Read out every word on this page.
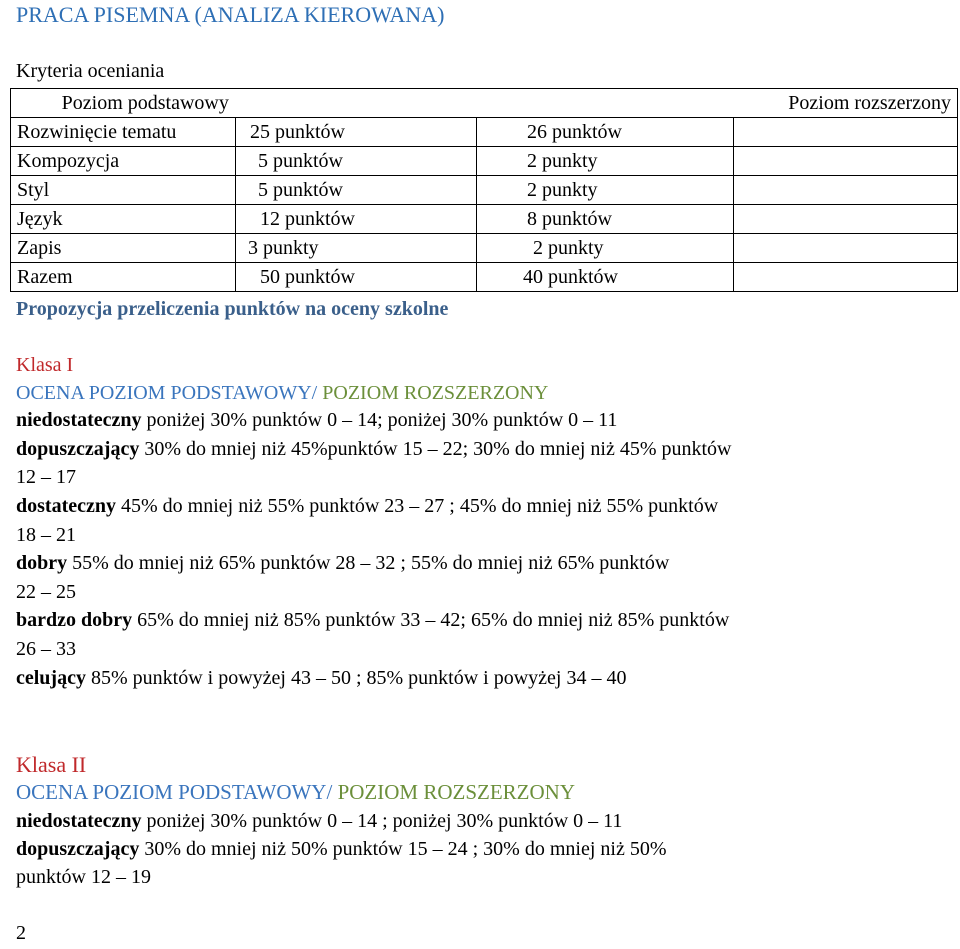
PRACA PISEMNA (ANALIZA KIEROWANA)
Kryteria oceniania
Poziom podstawowy			Poziom rozszerzony
Rozwinięcie tematu	25 punktów	26 punktów	
Kompozycja	5 punktów	2 punkty	
Styl	5 punktów	2 punkty	
Język	12 punktów	8 punktów	
Zapis	3 punkty	2 punkty	
Razem	50 punktów	40 punktów	
Propozycja przeliczenia punktów na oceny szkolne
Klasa I
OCENA POZIOM PODSTAWOWY/ POZIOM ROZSZERZONY
niedostateczny poniżej 30% punktów 0 – 14; poniżej 30% punktów 0 – 11
dopuszczający 30% do mniej niż 45%punktów 15 – 22; 30% do mniej niż 45% punktów
12 – 17
dostateczny 45% do mniej niż 55% punktów 23 – 27 ; 45% do mniej niż 55% punktów
18 – 21
dobry 55% do mniej niż 65% punktów 28 – 32 ; 55% do mniej niż 65% punktów
22 – 25
bardzo dobry 65% do mniej niż 85% punktów 33 – 42; 65% do mniej niż 85% punktów
26 – 33
celujący 85% punktów i powyżej 43 – 50 ; 85% punktów i powyżej 34 – 40
Klasa II
OCENA POZIOM PODSTAWOWY/ POZIOM ROZSZERZONY
niedostateczny poniżej 30% punktów 0 – 14 ; poniżej 30% punktów 0 – 11
dopuszczający 30% do mniej niż 50% punktów 15 – 24 ; 30% do mniej niż 50%
punktów 12 – 19
2
